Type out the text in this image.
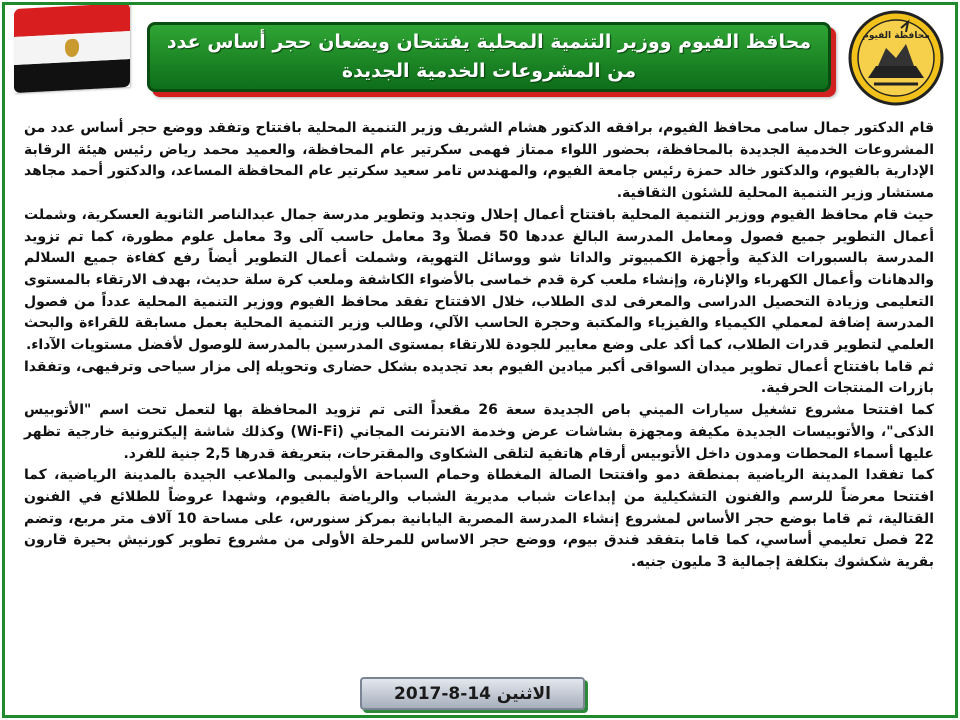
محافظة الفيوم
محافظ الفيوم ووزير التنمية المحلية يفتتحان ويضعان حجر أساس عدد من المشروعات الخدمية الجديدة

قام الدكتور جمال سامى محافظ الفيوم، برافقه الدكتور هشام الشريف وزير التنمية المحلية بافتتاح وتفقد ووضع حجر أساس عدد من المشروعات الخدمية الجديدة بالمحافظة، بحضور اللواء ممتاز فهمى سكرتير عام المحافظة، والعميد محمد رياض رئيس هيئة الرقابة الإدارية بالفيوم، والدكتور خالد حمزة رئيس جامعة الفيوم، والمهندس تامر سعيد سكرتير عام المحافظة المساعد، والدكتور أحمد مجاهد مستشار وزير التنمية المحلية للشئون الثقافية.

حيث قام محافظ الفيوم ووزير التنمية المحلية بافتتاح أعمال إحلال وتجديد وتطوير مدرسة جمال عبدالناصر الثانوية العسكرية، وشملت أعمال التطوير جميع فصول ومعامل المدرسة البالغ عددها 50 فصلاً و3 معامل حاسب آلى و3 معامل علوم مطورة، كما تم تزويد المدرسة بالسبورات الذكية وأجهزة الكمبيوتر والداتا شو ووسائل التهوية، وشملت أعمال التطوير أيضاً رفع كفاءة جميع السلالم والدهانات وأعمال الكهرباء والإنارة، وإنشاء ملعب كرة قدم خماسى بالأضواء الكاشفة وملعب كرة سلة حديث، بهدف الارتقاء بالمستوى التعليمى وزيادة التحصيل الدراسى والمعرفى لدى الطلاب، خلال الافتتاح تفقد محافظ الفيوم ووزير التنمية المحلية عدداً من فصول المدرسة إضافة لمعملي الكيمياء والفيزياء والمكتبة وحجرة الحاسب الآلي، وطالب وزير التنمية المحلية بعمل مسابقة للقراءة والبحث العلمي لتطوير قدرات الطلاب، كما أكد على وضع معايير للجودة للارتقاء بمستوى المدرسين بالمدرسة للوصول لأفضل مستويات الآداء.

ثم قاما بافتتاح أعمال تطوير ميدان السواقى أكبر ميادين الفيوم بعد تجديده بشكل حضارى وتحويله إلى مزار سياحى وترفيهى، وتفقدا بازرات المنتجات الحرفية.

كما افتتحا مشروع تشغيل سيارات الميني باص الجديدة سعة 26 مقعداً التى تم تزويد المحافظة بها لتعمل تحت اسم "الأتوبيس الذكى"، والأتوبيسات الجديدة مكيفة ومجهزة بشاشات عرض وخدمة الانترنت المجاني (Wi-Fi) وكذلك شاشة إليكترونية خارجية تظهر عليها أسماء المحطات ومدون داخل الأتوبيس أرقام هاتفية لتلقى الشكاوى والمقترحات، بتعريفة قدرها 2,5 جنية للفرد.

كما تفقدا المدينة الرياضية بمنطقة دمو وافتتحا الصالة المغطاة وحمام السباحة الأوليمبى والملاعب الجيدة بالمدينة الرياضية، كما افتتحا معرضاً للرسم والفنون التشكيلية من إبداعات شباب مديرية الشباب والرياضة بالفيوم، وشهدا عروضاً للطلائع في الفنون القتالية، ثم قاما بوضع حجر الأساس لمشروع إنشاء المدرسة المصرية اليابانية بمركز سنورس، على مساحة 10 آلاف متر مربع، وتضم 22 فصل تعليمي أساسي، كما قاما بتفقد فندق بيوم، ووضع حجر الاساس للمرحلة الأولى من مشروع تطوير كورنيش بحيرة قارون بقرية شكشوك بتكلفة إجمالية 3 مليون جنيه.

الاثنين 14-8-2017
